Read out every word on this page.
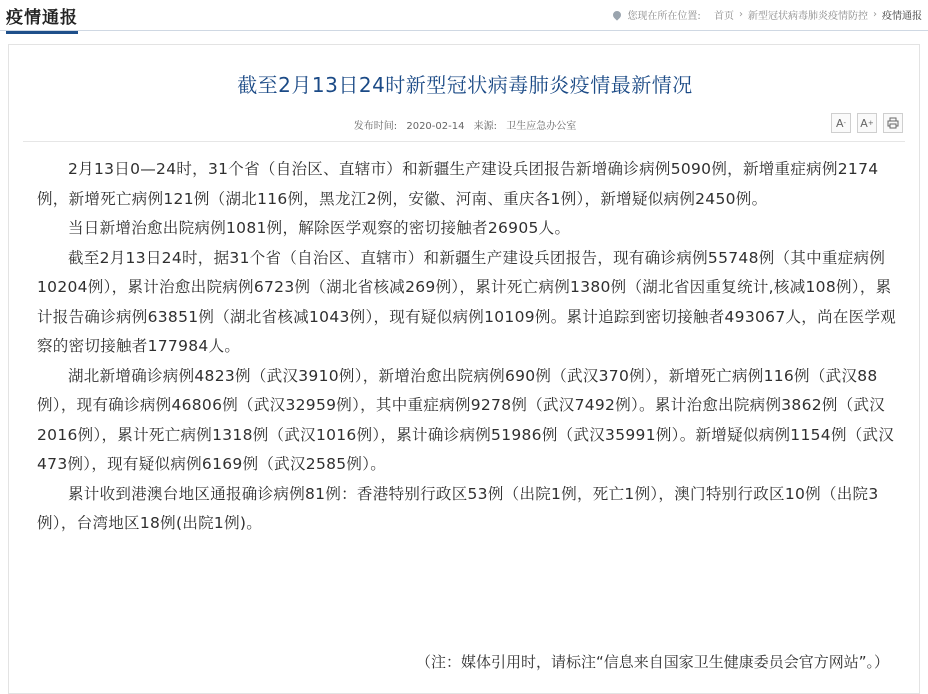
疫情通报	您现在所在位置:
首页 › 新型冠状病毒肺炎疫情防控 › 疫情通报
截至2月13日24时新型冠状病毒肺炎疫情最新情况
发布时间: 2020-02-14 来源: 卫生应急办公室	A - A +

2月13日0—24时，31个省（自治区、直辖市）和新疆生产建设兵团报告新增确诊病例5090例，新增重症病例2174例，新增死亡病例121例（湖北116例，黑龙江2例，安徽、河南、重庆各1例），新增疑似病例2450例。

当日新增治愈出院病例1081例，解除医学观察的密切接触者26905人。

截至2月13日24时，据31个省（自治区、直辖市）和新疆生产建设兵团报告，现有确诊病例55748例（其中重症病例10204例），累计治愈出院病例6723例（湖北省核减269例），累计死亡病例1380例（湖北省因重复统计,核减108例），累计报告确诊病例63851例（湖北省核减1043例），现有疑似病例10109例。累计追踪到密切接触者493067人，尚在医学观察的密切接触者177984人。

湖北新增确诊病例4823例（武汉3910例），新增治愈出院病例690例（武汉370例），新增死亡病例116例（武汉88例），现有确诊病例46806例（武汉32959例），其中重症病例9278例（武汉7492例）。累计治愈出院病例3862例（武汉2016例），累计死亡病例1318例（武汉1016例），累计确诊病例51986例（武汉35991例）。新增疑似病例1154例（武汉473例），现有疑似病例6169例（武汉2585例）。

累计收到港澳台地区通报确诊病例81例：香港特别行政区53例（出院1例，死亡1例），澳门特别行政区10例（出院3例），台湾地区18例(出院1例)。

（注：媒体引用时，请标注“信息来自国家卫生健康委员会官方网站”。）
